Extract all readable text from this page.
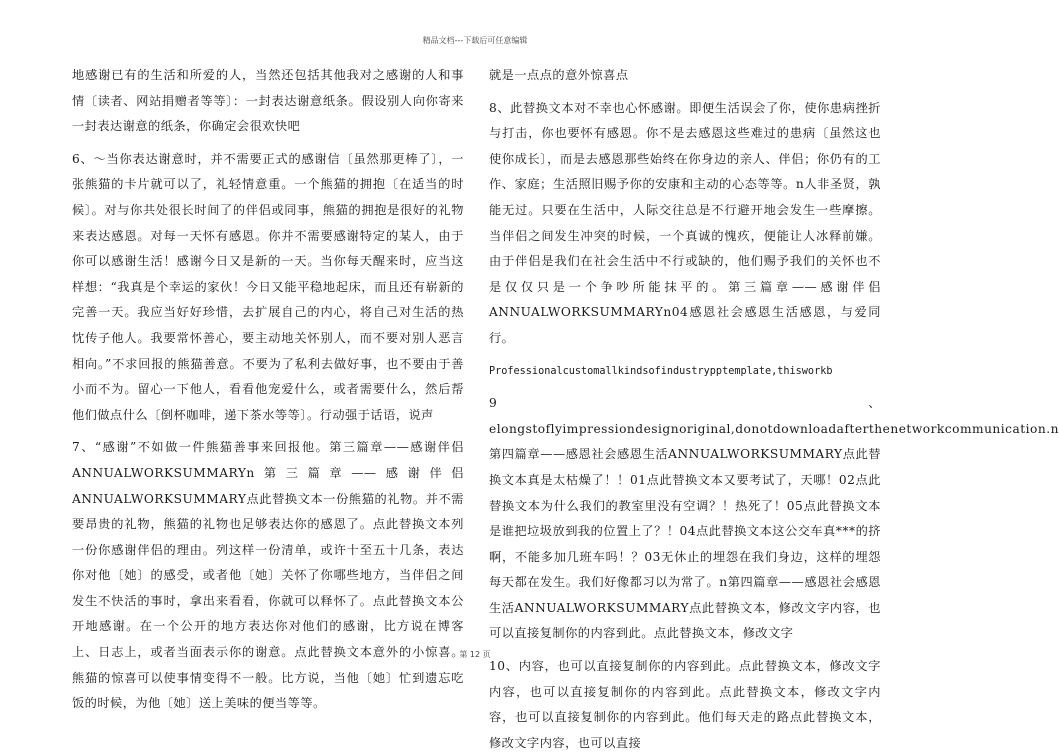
精品文档---下载后可任意编辑

地感谢已有的生活和所爱的人，当然还包括其他我对之感谢的人和事情〔读者、网站捐赠者等等〕：一封表达谢意纸条。假设别人向你寄来一封表达谢意的纸条，你确定会很欢快吧

6、～当你表达谢意时，并不需要正式的感谢信〔虽然那更棒了〕，一张熊猫的卡片就可以了，礼轻情意重。一个熊猫的拥抱〔在适当的时候〕。对与你共处很长时间了的伴侣或同事，熊猫的拥抱是很好的礼物来表达感恩。对每一天怀有感恩。你并不需要感谢特定的某人，由于你可以感谢生活！感谢今日又是新的一天。当你每天醒来时，应当这样想：“我真是个幸运的家伙！今日又能平稳地起床，而且还有崭新的完善一天。我应当好好珍惜，去扩展自己的内心，将自己对生活的热忱传子他人。我要常怀善心，要主动地关怀别人，而不要对别人恶言相向。”不求回报的熊猫善意。不要为了私利去做好事，也不要由于善小而不为。留心一下他人，看看他宠爱什么，或者需要什么，然后帮他们做点什么〔倒杯咖啡，递下茶水等等〕。行动强于话语，说声

7、“感谢”不如做一件熊猫善事来回报他。第三篇章——感谢伴侣ANNUALWORKSUMMARYn第三篇章——感谢伴侣ANNUALWORKSUMMARY点此替换文本一份熊猫的礼物。并不需要昂贵的礼物，熊猫的礼物也足够表达你的感恩了。点此替换文本列一份你感谢伴侣的理由。列这样一份清单，或许十至五十几条，表达你对他〔她〕的感受，或者他〔她〕关怀了你哪些地方，当伴侣之间发生不快活的事时，拿出来看看，你就可以释怀了。点此替换文本公开地感谢。在一个公开的地方表达你对他们的感谢，比方说在博客上、日志上，或者当面表示你的谢意。点此替换文本意外的小惊喜。熊猫的惊喜可以使事情变得不一般。比方说，当他〔她〕忙到遗忘吃饭的时候，为他〔她〕送上美味的便当等等。

就是一点点的意外惊喜点

8、此替换文本对不幸也心怀感谢。即便生活误会了你，使你患病挫折与打击，你也要怀有感恩。你不是去感恩这些难过的患病〔虽然这也使你成长〕，而是去感恩那些始终在你身边的亲人、伴侣；你仍有的工作、家庭；生活照旧赐予你的安康和主动的心态等等。n人非圣贤，孰能无过。只要在生活中，人际交往总是不行避开地会发生一些摩擦。当伴侣之间发生冲突的时候，一个真诚的愧疚，便能让人冰释前嫌。由于伴侣是我们在社会生活中不行或缺的，他们赐予我们的关怀也不是仅仅只是一个争吵所能抹平的。第三篇章——感谢伴侣ANNUALWORKSUMMARYn04感恩社会感恩生活感恩，与爱同行。

Professionalcustomallkindsofindustrypptemplate,thisworkb

9、elongstoflyimpressiondesignoriginal,donotdownloadafterthenetworkcommunication.n第四篇章——感恩社会感恩生活ANNUALWORKSUMMARY点此替换文本真是太枯燥了！！01点此替换文本又要考试了，天哪！02点此替换文本为什么我们的教室里没有空调？！热死了！05点此替换文本是谁把垃圾放到我的位置上了？！04点此替换文本这公交车真***的挤啊，不能多加几班车吗！？03无休止的埋怨在我们身边，这样的埋怨每天都在发生。我们好像都习以为常了。n第四篇章——感恩社会感恩生活ANNUALWORKSUMMARY点此替换文本，修改文字内容，也可以直接复制你的内容到此。点此替换文本，修改文字

10、内容，也可以直接复制你的内容到此。点此替换文本，修改文字内容，也可以直接复制你的内容到此。点此替换文本，修改文字内容，也可以直接复制你的内容到此。他们每天走的路点此替换文本，修改文字内容，也可以直接

第 12 页
